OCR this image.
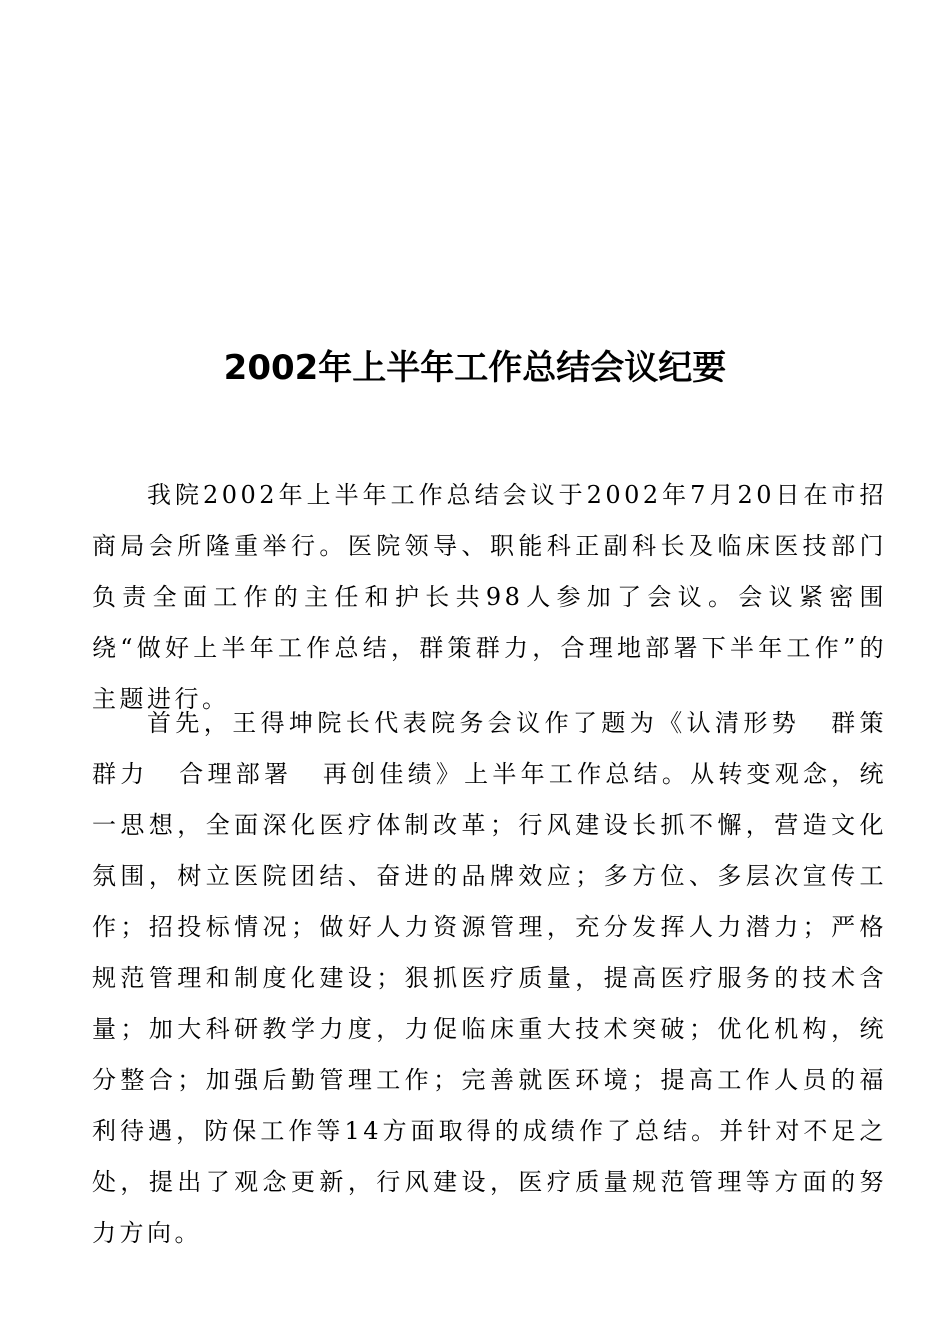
2002年上半年工作总结会议纪要

我院2002年上半年工作总结会议于2002年7月20日在市招商局会所隆重举行。医院领导、职能科正副科长及临床医技部门负责全面工作的主任和护长共98人参加了会议。会议紧密围绕“做好上半年工作总结，群策群力，合理地部署下半年工作”的主题进行。

首先，王得坤院长代表院务会议作了题为《认清形势 群策群力 合理部署 再创佳绩》上半年工作总结。从转变观念，统一思想，全面深化医疗体制改革；行风建设长抓不懈，营造文化氛围，树立医院团结、奋进的品牌效应；多方位、多层次宣传工作；招投标情况；做好人力资源管理，充分发挥人力潜力；严格规范管理和制度化建设；狠抓医疗质量，提高医疗服务的技术含量；加大科研教学力度，力促临床重大技术突破；优化机构，统分整合；加强后勤管理工作；完善就医环境；提高工作人员的福利待遇，防保工作等14方面取得的成绩作了总结。并针对不足之处，提出了观念更新，行风建设，医疗质量规范管理等方面的努力方向。
